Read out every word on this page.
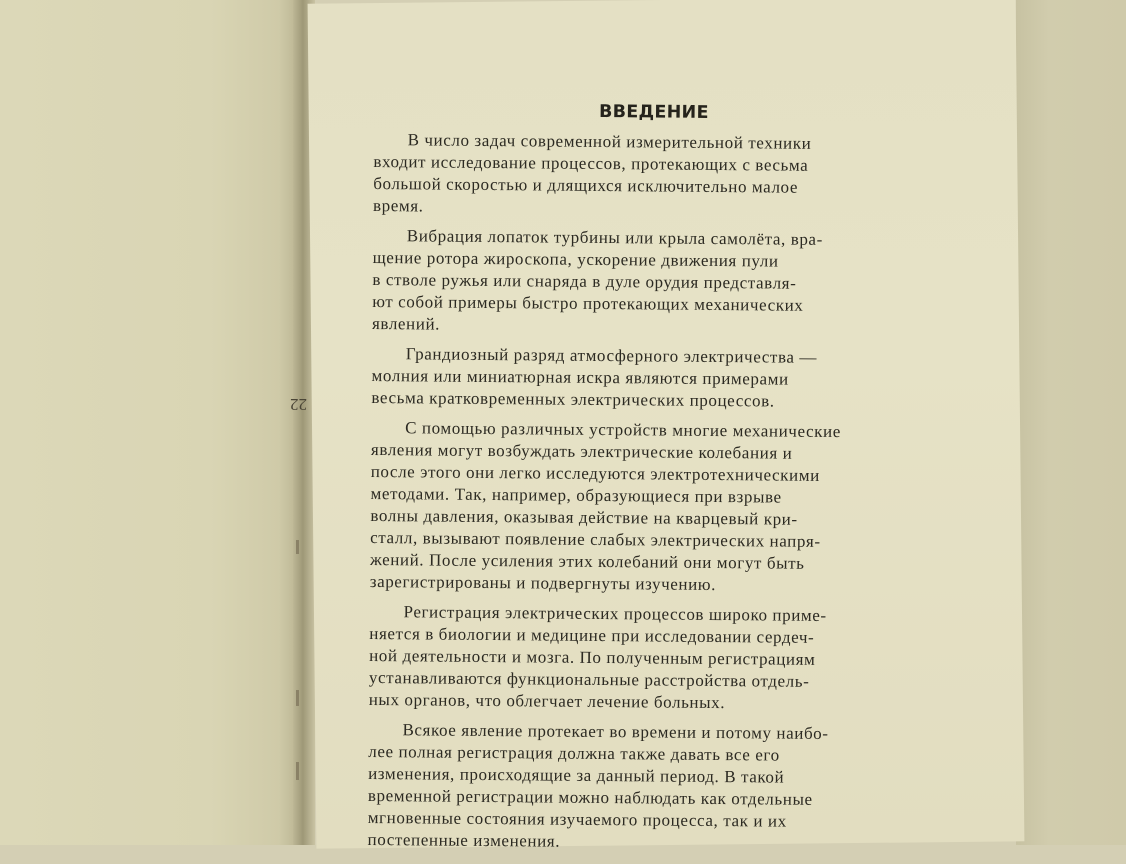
22
ВВЕДЕНИЕ
В число задач современной измерительной техники
входит исследование процессов, протекающих с весьма
большой скоростью и длящихся исключительно малое
время.
Вибрация лопаток турбины или крыла самолёта, вра-
щение ротора жироскопа, ускорение движения пули
в стволе ружья или снаряда в дуле орудия представля-
ют собой примеры быстро протекающих механических
явлений.
Грандиозный разряд атмосферного электричества —
молния или миниатюрная искра являются примерами
весьма кратковременных электрических процессов.
С помощью различных устройств многие механические
явления могут возбуждать электрические колебания и
после этого они легко исследуются электротехническими
методами. Так, например, образующиеся при взрыве
волны давления, оказывая действие на кварцевый кри-
сталл, вызывают появление слабых электрических напря-
жений. После усиления этих колебаний они могут быть
зарегистрированы и подвергнуты изучению.
Регистрация электрических процессов широко приме-
няется в биологии и медицине при исследовании сердеч-
ной деятельности и мозга. По полученным регистрациям
устанавливаются функциональные расстройства отдель-
ных органов, что облегчает лечение больных.
Всякое явление протекает во времени и потому наибо-
лее полная регистрация должна также давать все его
изменения, происходящие за данный период. В такой
временной регистрации можно наблюдать как отдельные
мгновенные состояния изучаемого процесса, так и их
постепенные изменения.
